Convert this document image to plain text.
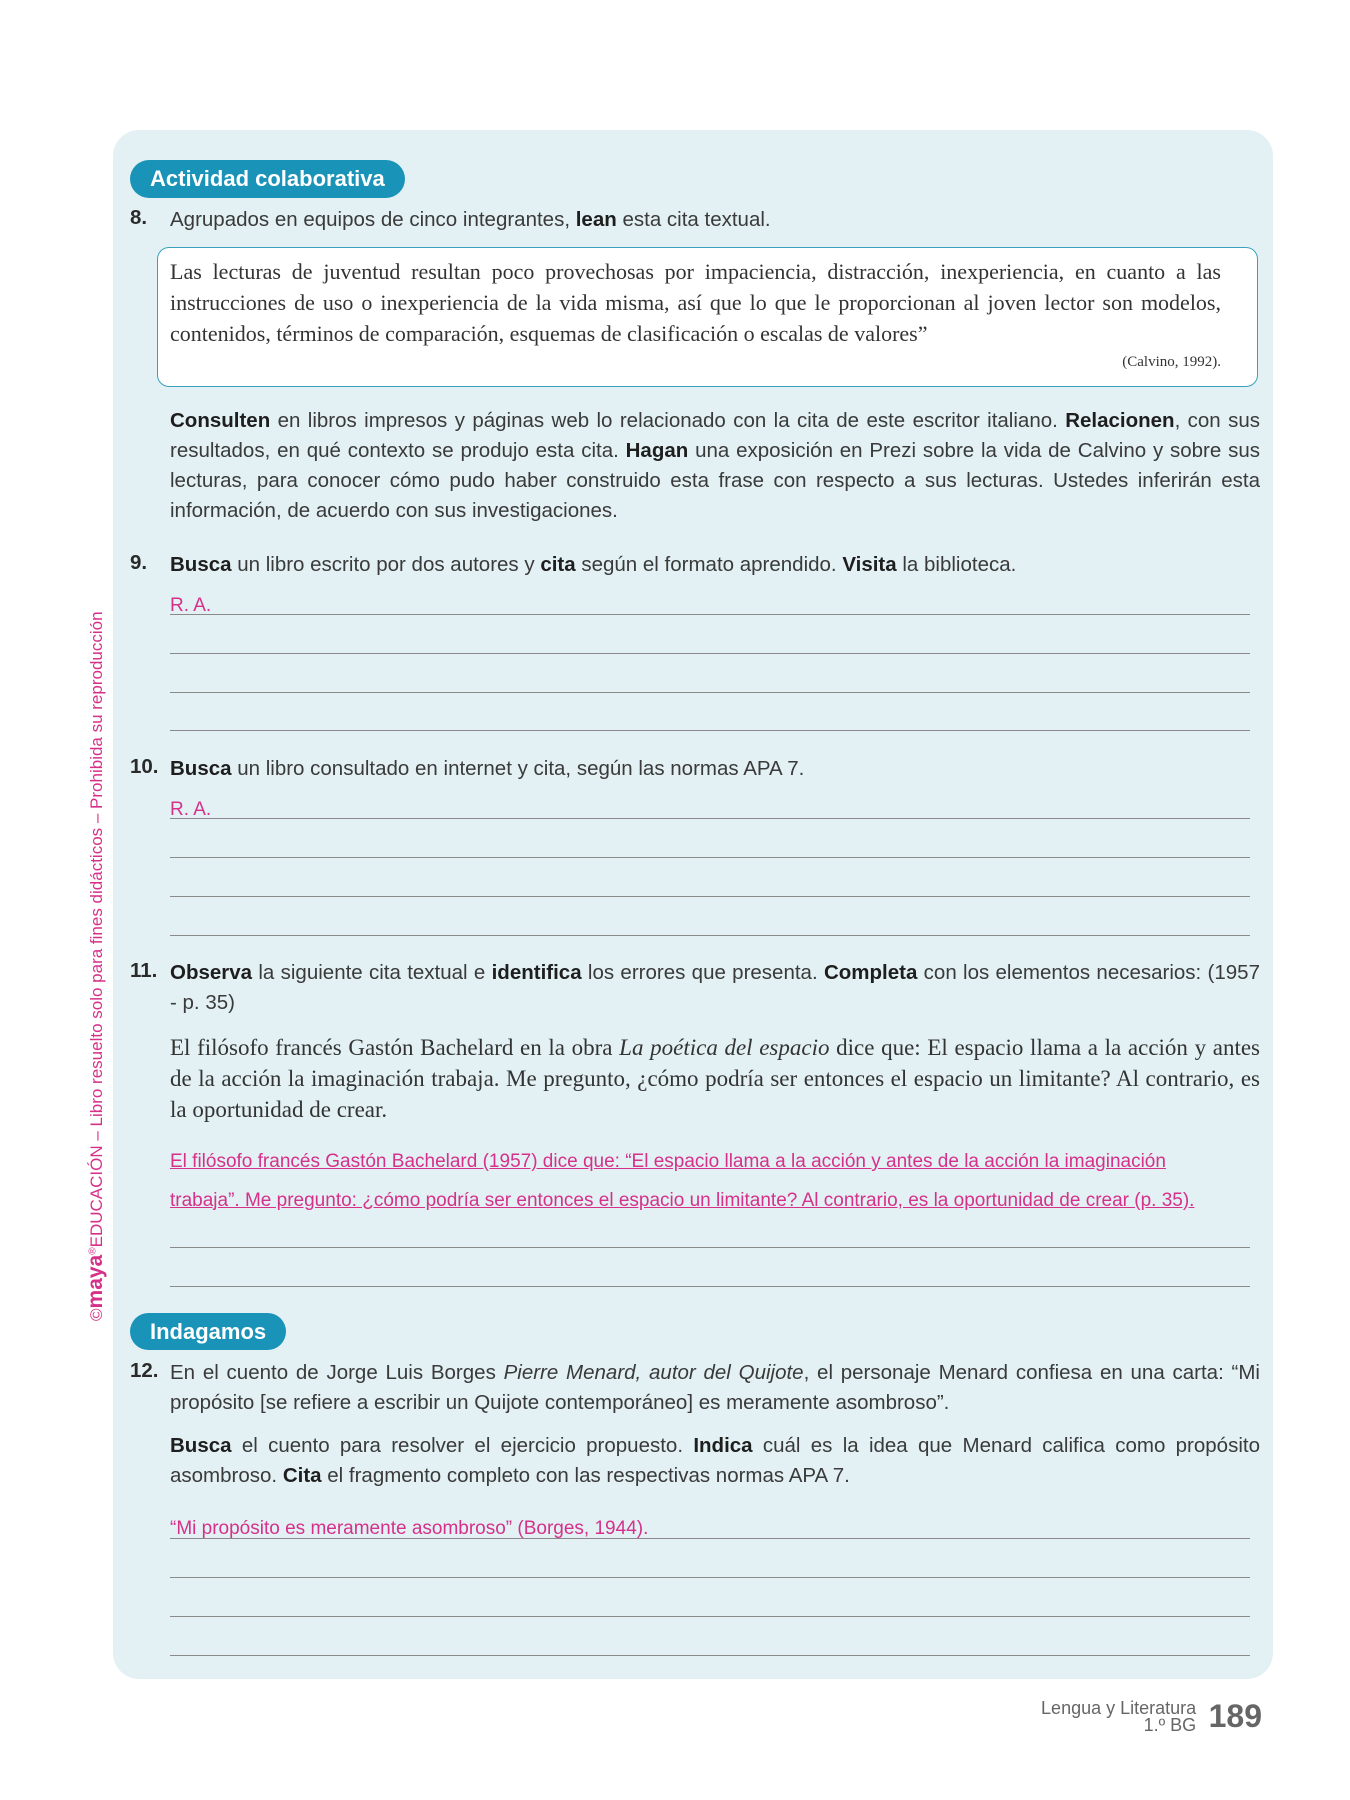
©maya®EDUCACIÓN – Libro resuelto solo para fines didácticos – Prohibida su reproducción
Actividad colaborativa
8. Agrupados en equipos de cinco integrantes, lean esta cita textual.
Las lecturas de juventud resultan poco provechosas por impaciencia, distracción, inexperiencia, en cuanto a las instrucciones de uso o inexperiencia de la vida misma, así que lo que le proporcionan al joven lector son modelos, contenidos, términos de comparación, esquemas de clasificación o escalas de valores”
(Calvino, 1992).
Consulten en libros impresos y páginas web lo relacionado con la cita de este escritor italiano. Relacionen, con sus resultados, en qué contexto se produjo esta cita. Hagan una exposición en Prezi sobre la vida de Calvino y sobre sus lecturas, para conocer cómo pudo haber construido esta frase con respecto a sus lecturas. Ustedes inferirán esta información, de acuerdo con sus investigaciones.
9. Busca un libro escrito por dos autores y cita según el formato aprendido. Visita la biblioteca.
R. A.
10. Busca un libro consultado en internet y cita, según las normas APA 7.
R. A.
11. Observa la siguiente cita textual e identifica los errores que presenta. Completa con los elementos necesarios: (1957 - p. 35)
El filósofo francés Gastón Bachelard en la obra La poética del espacio dice que: El espacio llama a la acción y antes de la acción la imaginación trabaja. Me pregunto, ¿cómo podría ser entonces el espacio un limitante? Al contrario, es la oportunidad de crear.
El filósofo francés Gastón Bachelard (1957) dice que: “El espacio llama a la acción y antes de la acción la imaginación
trabaja”. Me pregunto: ¿cómo podría ser entonces el espacio un limitante? Al contrario, es la oportunidad de crear (p. 35).
Indagamos
12. En el cuento de Jorge Luis Borges Pierre Menard, autor del Quijote, el personaje Menard confiesa en una carta: “Mi propósito [se refiere a escribir un Quijote contemporáneo] es meramente asombroso”.
Busca el cuento para resolver el ejercicio propuesto. Indica cuál es la idea que Menard califica como propósito asombroso. Cita el fragmento completo con las respectivas normas APA 7.
“Mi propósito es meramente asombroso” (Borges, 1944).
Lengua y Literatura
1.º BG 189
